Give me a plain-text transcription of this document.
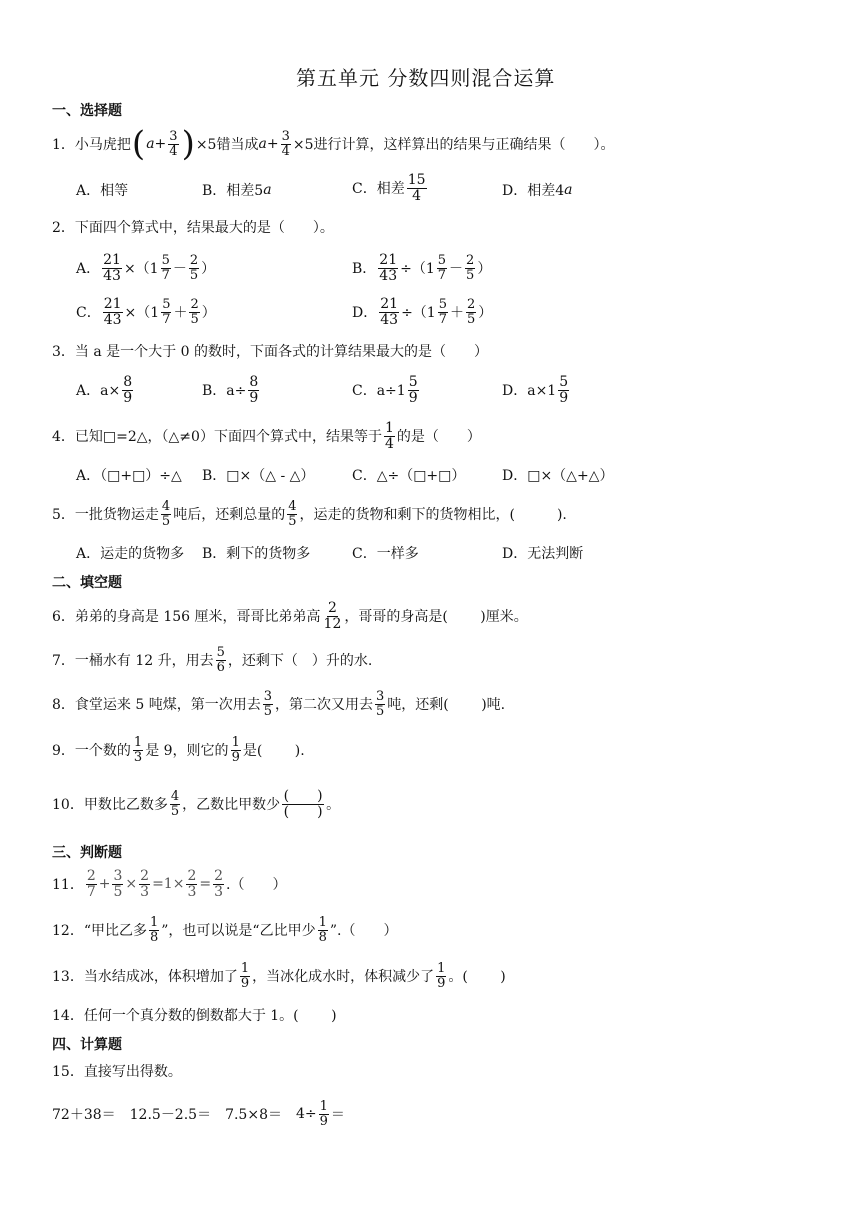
第五单元 分数四则混合运算
一、选择题
1．小马虎把 ( $a + \frac{3}{4}$ ) ×5错当成 $a + \frac{3}{4} \times 5$进行计算，这样算出的结果与正确结果（　　）。
A．相等	B．相差5 a	C．相差 $\frac{15}{4}$	D．相差4 a
2．下面四个算式中，结果最大的是（　　）。
A． $\frac{21}{43} \times(1 \frac{5}{7} - \frac{2}{5}$ ）	B． $\frac{21}{43} \div(1 \frac{5}{7} - \frac{2}{5}$ ）
C． $\frac{21}{43} \times(1 \frac{5}{7} + \frac{2}{5}$ ）	D． $\frac{21}{43} \div(1 \frac{5}{7} + \frac{2}{5}$ ）
3．当 a 是一个大于 0 的数时，下面各式的计算结果最大的是（　　）
A．$a\times \frac{8}{9}$	B．$a\div \frac{8}{9}$	C．$a\div 1 \frac{5}{9}$	D．$a\times 1 \frac{5}{9}$
4．已知□=2△，（△≠0）下面四个算式中，结果等于 $\frac{1}{4}$ 的是（　　）
A．（□+□）÷△ B．□×（△ - △）	C．△÷（□+□）	D．□×（△+△）
5．一批货物运走 $\frac{4}{5}$ 吨后，还剩总量的 $\frac{4}{5}$ ，运走的货物和剩下的货物相比，(　　　).
A．运走的货物多 B．剩下的货物多	C．一样多	D．无法判断
二、填空题
6．弟弟的身高是 156 厘米，哥哥比弟弟高 $\frac{2}{12}$ ，哥哥的身高是(　　 )厘米。
7．一桶水有 12 升，用去 $\frac{5}{6}$ ，还剩下（　）升的水.
8．食堂运来 5 吨煤，第一次用去 $\frac{3}{5}$ ，第二次又用去 $\frac{3}{5}$ 吨，还剩(　　 )吨.
9．一个数的 $\frac{1}{3}$ 是 9，则它的 $\frac{1}{9}$ 是(　　 ).
10．甲数比乙数多 $\frac{4}{5}$ ，乙数比甲数少 $\frac{( )}{( )}$ 。
三、判断题
11． $\frac{2}{7} + \frac{3}{5} \times \frac{2}{3} =1\times \frac{2}{3} = \frac{2}{3}$ .（　　）
12．“甲比乙多 $\frac{1}{8}$ ”，也可以说是“乙比甲少 $\frac{1}{8}$ ”.（　　）
13．当水结成冰，体积增加了 $\frac{1}{9}$ ，当冰化成水时，体积减少了 $\frac{1}{9}$ 。(　　 )
14．任何一个真分数的倒数都大于 1。(　　 )
四、计算题
15．直接写出得数。
$72+38= 12.5-2.5= 7.5\times 8= 4\div \frac{1}{9}$ ＝
